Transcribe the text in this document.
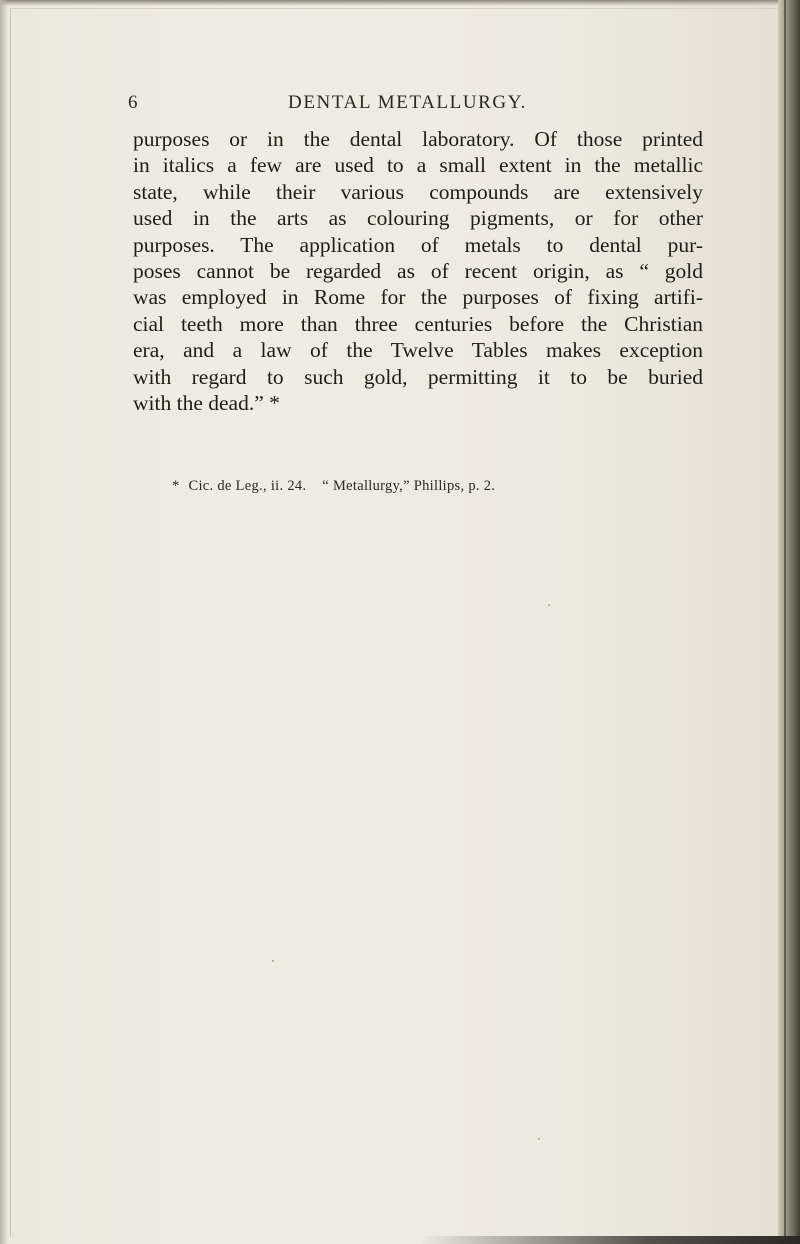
6	DENTAL METALLURGY.
purposes or in the dental laboratory. Of those printed
in italics a few are used to a small extent in the metallic
state, while their various compounds are extensively
used in the arts as colouring pigments, or for other
purposes. The application of metals to dental pur-
poses cannot be regarded as of recent origin, as “ gold
was employed in Rome for the purposes of fixing artifi-
cial teeth more than three centuries before the Christian
era, and a law of the Twelve Tables makes exception
with regard to such gold, permitting it to be buried
with the dead.” *
* Cic. de Leg., ii. 24. “ Metallurgy,” Phillips, p. 2.
